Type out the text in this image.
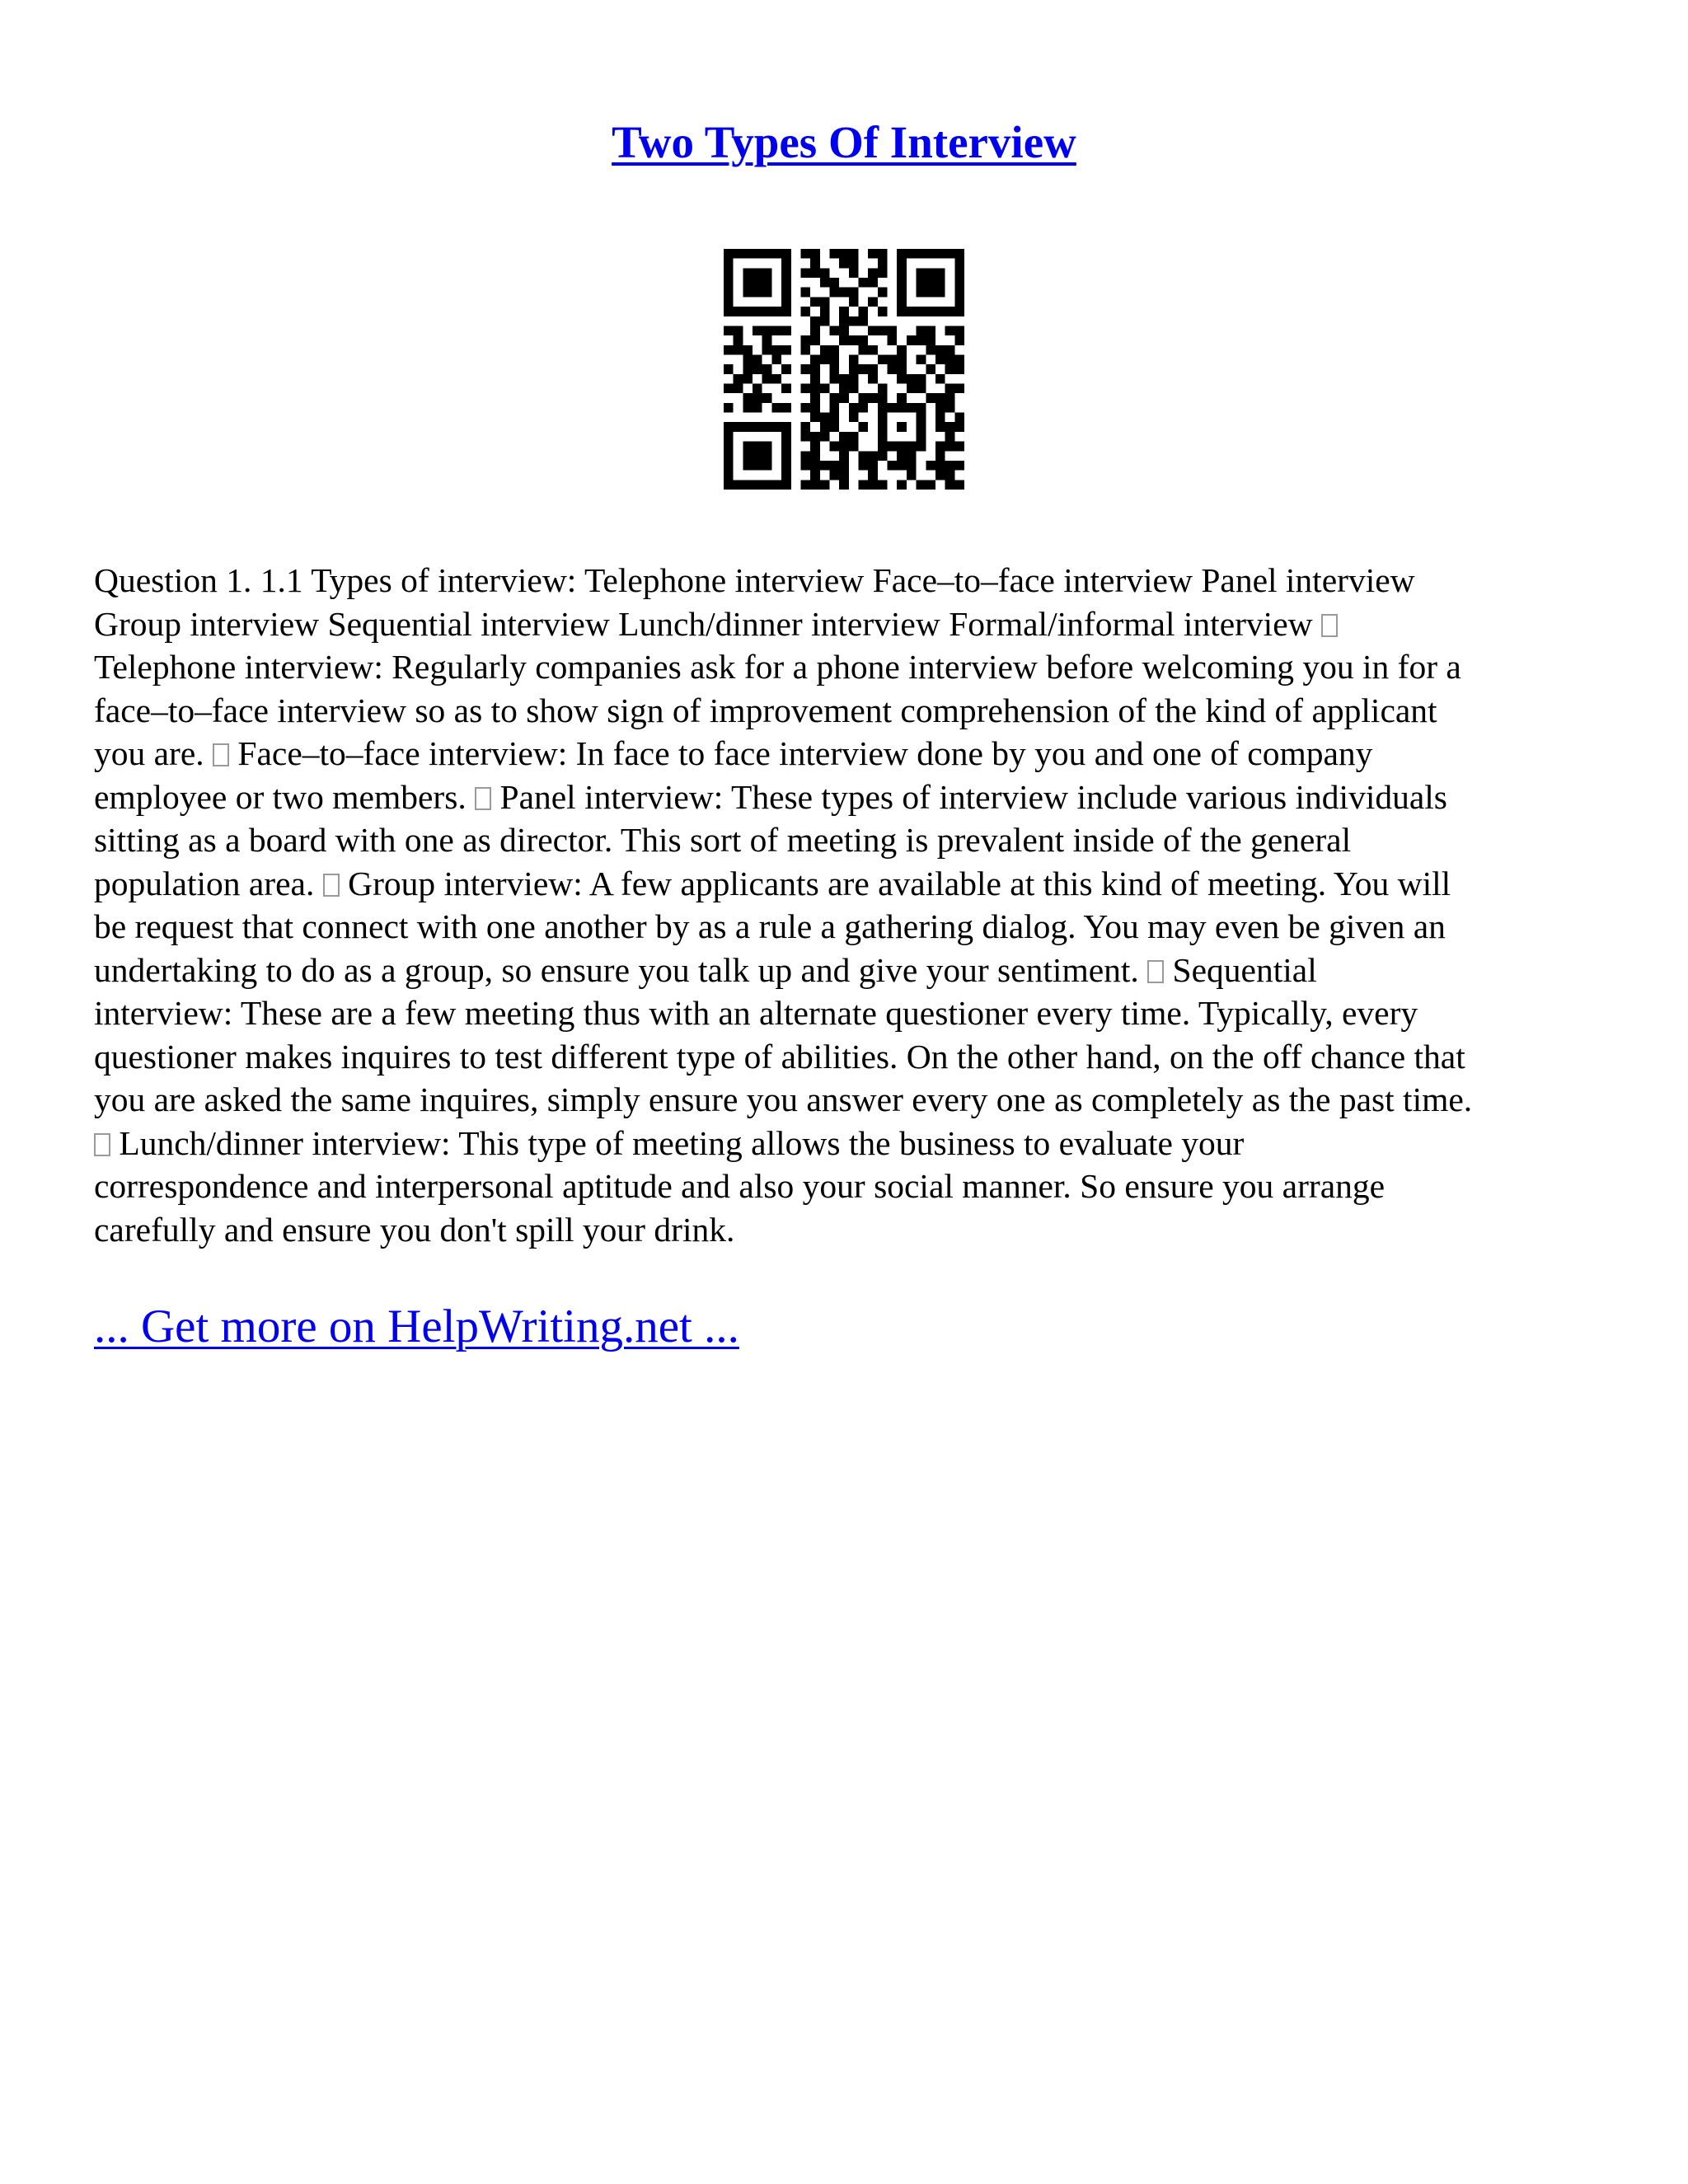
Two Types Of Interview
Question 1. 1.1 Types of interview: Telephone interview Face–to–face interview Panel interview
Group interview Sequential interview Lunch/dinner interview Formal/informal interview
Telephone interview: Regularly companies ask for a phone interview before welcoming you in for a
face–to–face interview so as to show sign of improvement comprehension of the kind of applicant
you are.  Face–to–face interview: In face to face interview done by you and one of company
employee or two members.  Panel interview: These types of interview include various individuals
sitting as a board with one as director. This sort of meeting is prevalent inside of the general
population area.  Group interview: A few applicants are available at this kind of meeting. You will
be request that connect with one another by as a rule a gathering dialog. You may even be given an
undertaking to do as a group, so ensure you talk up and give your sentiment.  Sequential
interview: These are a few meeting thus with an alternate questioner every time. Typically, every
questioner makes inquires to test different type of abilities. On the other hand, on the off chance that
you are asked the same inquires, simply ensure you answer every one as completely as the past time.
Lunch/dinner interview: This type of meeting allows the business to evaluate your
correspondence and interpersonal aptitude and also your social manner. So ensure you arrange
carefully and ensure you don't spill your drink.

... Get more on HelpWriting.net ...
